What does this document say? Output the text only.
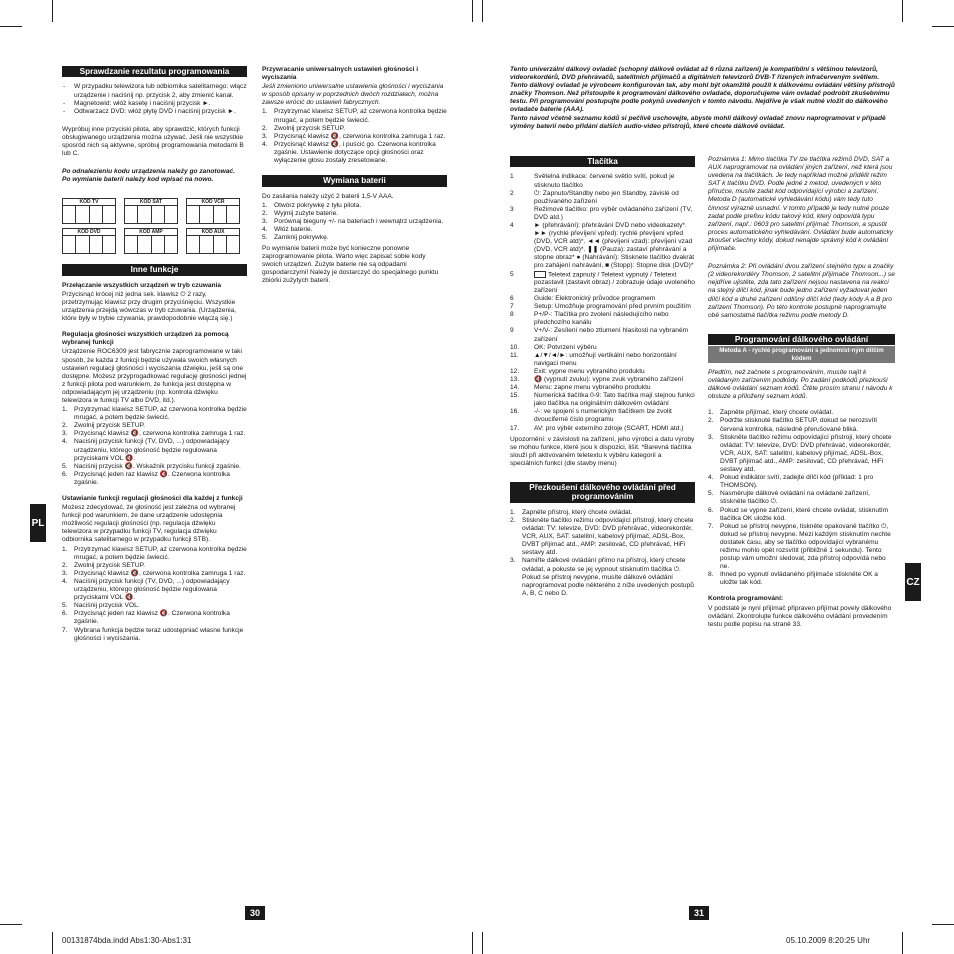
PL
CZ
Sprawdzanie rezultatu programowania
- W przypadku telewizora lub odbiornika satelitarnego: włącz urządzenie i naciśnij np. przycisk 2, aby zmienić kanał.
- Magnetowid: włóż kasetę i naciśnij przycisk ►.
- Odtwarzacz DVD: włóż płytę DVD i naciśnij przycisk ►.

Wypróbuj inne przyciski pilota, aby sprawdzić, których funkcji obsługiwanego urządzenia można używać. Jeśli nie wszystkie sposród nich są aktywne, spróbuj programowania metodami B lub C.

Po odnalezieniu kodu urządzenia należy go zanotować.

Po wymianie baterii należy kod wpisać na nowo.

KOD TV	KOD SAT	KOD VCR
KOD DVD	KOD AMP	KOD AUX
Inne funkcje

Przełączanie wszystkich urządzeń w tryb czuwania

Przycisnąć krócej niż jedna sek. klawisz ⏻ 2 razy, przetrzymując klawisz przy drugim przyciśnięciu. Wszystkie urządzenia przejdą wówczas w tryb czuwania. (Urządzenia, które były w trybie czywania, prawdopodobnie włączą się.)

Regulacja głośności wszystkich urządzeń za pomocą wybranej funkcji

Urządzenie ROC6309 jest fabrycznie zaprogramowane w taki sposób, że każda z funkcji będzie używała swoich własnych ustawień regulacji głośności i wyciszania dźwięku, jeśli są one dostępne. Możesz przyprogadkować regulację głośności jednej z funkcji pilota pod warunkiem, że funkcja jest dostępna w odpowiadającym jej urządzeniu (np. kontrola dźwięku telewizora w funkcji TV albo DVD, itd.).

1. Przytrzymać klawisz SETUP, aż czerwona kontrolka będzie mrugać, a potem będzie świecić.
2. Zwolnij przycisk SETUP.
3. Przycisnąć klawisz 🔇, czerwona kontrolka zamruga 1 raz.
4. Naciśnij przycisk funkcji (TV, DVD, ...) odpowiadający urządzeniu, którego głośność będzie regulowana przyciskami VOL 🔇.
5. Naciśnij przycisk 🔇. Wskaźnik przycisku funkcji zgaśnie.
6. Przycisnąć jeden raz klawisz 🔇. Czerwona kontrolka zgaśnie.

Ustawianie funkcji regulacji głośności dla każdej z funkcji

Możesz zdecydować, że głośność jest zależna od wybranej funkcji pod warunkiem, że dane urządzenie udostępnia możliwość regulacji głośności (np. regulacja dźwięku telewizora w przypadku funkcji TV, regulacja dźwięku odbiornika satelitarnego w przypadku funkcji STB).

1. Przytrzymać klawisz SETUP, aż czerwona kontrolka będzie mrugać, a potem będzie świecić.
2. Zwolnij przycisk SETUP.
3. Przycisnąć klawisz 🔇, czerwona kontrolka zamruga 1 raz.
4. Naciśnij przycisk funkcji (TV, DVD, ...) odpowiadający urządzeniu, którego głośność będzie regulowana przyciskami VOL 🔇.
5. Naciśnij przycisk VOL.
6. Przycisnąć jeden raz klawisz 🔇. Czerwona kontrolka zgaśnie.
7. Wybrana funkcja będzie teraz udostępniać własne funkcje głośności i wyciszania.

Przywracanie uniwersalnych ustawień głośności i wyciszania

Jeśli zmieniono uniwersalne ustawienia głośności i wyciszania w sposób opisany w poprzednich dwóch rozdziałach, można zawsze wrócić do ustawień fabrycznych.

1. Przytrzymać klawisz SETUP, aż czerwona kontrolka będzie mrugać, a potem będzie świecić.
2. Zwolnij przycisk SETUP.
3. Przycisnąć klawisz 🔇, czerwona kontrolka zamruga 1 raz.
4. Przycisnąć klawisz 🔇, i puścić go. Czerwona kontrolka zgaśnie. Ustawienie dotyczące opcji głośności oraz wyłączenie głosu zostały zresetowane.
Wymiana baterii

Do zasilania należy użyć 2 baterii 1,5-V AAA.

1. Otwórz pokrywkę z tyłu pilota.
2. Wyjmij zużyte baterie.
3. Porównaj bieguny +/- na bateriach i wewnątrz urządzenia.
4. Włóż baterie.
5. Zamknij pokrywkę.

Po wymianie baterii może być konieczne ponowne zaprogramowanie pilota. Warto więc zapisać sobie kody swoich urządzeń. Zużyte baterie nie są odpadami gospodarczymi! Należy je dostarczyć do specjalnego punktu zbiórki zużytych baterii.

Tento univerzální dálkový ovladač (schopný dálkově ovládat až 6 různá zařízení) je kompatibilní s většinou televizorů, videorekordérů, DVD přehrávačů, satelitních přijímačů a digitálních televizorů DVB-T řízených infračerveným světlem.

Tento dálkový ovladač je výrobcem konfigurován tak, aby mohl být okamžitě použit k dálkovému ovládání většiny přístrojů značky Thomson. Než přistoupíte k programování dálkového ovladače, doporučujeme vám ovladač podrobit zkušebnímu testu. Při programování postupujte podle pokynů uvedených v tomto návodu. Nejdříve je však nutné vložit do dálkového ovladače baterie (AAA).

Tento návod včetně seznamu kódů si pečlivě uschovejte, abyste mohli dálkový ovladač znovu naprogramovat v případě výměny baterií nebo přidání dalších audio-video přístrojů, které chcete dálkově ovládat.

Tlačítka
1	Světelná indikace: červené světlo svítí, pokud je stisknuto tlačítko
2	⏻: Zapnuto/Standby nebo jen Standby, závislé od používaného zařízení
3	Režimové tlačítko: pro výběr ovládaného zařízení (TV, DVD atd.)
4	► (přehrávání): přehrávání DVD nebo videokazety*. ►► (rychlé převíjení vpřed): rychlé převíjení vpřed (DVD, VCR atd)*. ◄◄ (převíjení vzad): převíjení vzad (DVD, VCR atd)*. ❚❚ (Pauza): zastaví přehrávání a stopne obraz* ● (Nahrávání): Stisknete tlačítko dvakrát pro zahájení nahrávání, ■ (Stopp): Stopne disk (DVD)*
5	Teletext zapnutý / Teletext vypnutý / Teletext pozastavit (zastavit obraz) / zobrazuje údaje uvoleného zařízení
6	Guide: Elektronický průvodce programem
7	Setup: Umožňuje programování před prvním použitím
8	P+/P-: Tlačítka pro zvolení následujícího nebo předchozího kanálu
9	V+/V-: Zesílení nebo ztlumení hlasitosti na vybraném zařízení
10. OK: Potvrzení výběru
11. ▲/▼/◄/►: umožňují vertikální nebo horizontální navigaci menu
12. Exit: vypne menu vybraného produktu
13. 🔇 (vypnutí zvuku): vypne zvuk vybraného zařízení
14. Menu: zapne menu vybraného produktu
15. Numerická tlačítka 0-9: Tato tlačítka mají stejnou funkci jako tlačítka na originálním dálkovém ovládání
16. -/-: ve spojení s numerickým tlačítkem lze zvolit dvouciferné číslo programu
17. AV: pro výběr externího zdroje (SCART, HDMI atd.)

Upozornění: v závislosti na zařízení, jeho výrobci a datu výroby se mohou funkce, které jsou k dispozici, lišit. *Barevná tlačítka slouží při aktivovaném teletextu k výběru kategorií a speciálních funkcí (dle stavby menu)

Přezkoušení dálkového ovládání před programováním
1. Zapněte přístroj, který chcete ovládat.
2. Stiskněte tlačítko režimu odpovídající přístroji, který chcete ovládat: TV: televize, DVD: DVD přehrávač, videorekordér, VCR, AUX, SAT: satelitní, kabelový přijímač, ADSL-Box, DVBT přijímač atd., AMP: zesilovač, CD přehrávač, HiFi sestavy atd.
3. Namiřte dálkové ovládání přímo na přístroj, který chcete ovládat, a pokuste se jej vypnout stisknutím tlačítka ⏻. Pokud se přístroj nevypne, musíte dálkové ovládání naprogramovat podle některého z níže uvedených postupů A, B, C nebo D.

Poznámka 1: Mimo tlačítka TV lze tlačítka režimů DVD, SAT a AUX naprogramovat na ovládání jiných zařízení, než která jsou uvedena na tlačítkách. Je tedy například možné přidělit režim SAT k tlačítku DVD. Podle jedné z metod, uvedených v této příručce, musíte zadat kód odpovídající výrobci a zařízení. Metoda D (automatické vyhledávání kódu) vám tedy tuto činnost výrazně usnadní. V tomto případě je tedy nutné pouze zadat podle prefixu kódu takový kód, který odpovídá typu zařízení, např.: 0603 pro satelitní přijímač Thomson, a spustit proces automatického vyhledávání. Ovládání bude automaticky zkoušet všechny kódy, dokud nenajde správný kód k ovládání přijímače.

Poznámka 2: Při ovládání dvou zařízení stejného typu a značky (2 videorekordéry Thomson, 2 satelitní přijímače Thomson...) se nejdříve ujistěte, zda tato zařízení nejsou nastavena na reakci na stejný dílčí kód, jinak bude jedno zařízení vyžadovat jeden dílčí kód a druhé zařízení odlišný dílčí kód (tedy kódy A a B pro zařízení Thomson). Po této kontrole postupně naprogramujte obě samostatná tlačítka režimu podle metody D.

Programování dálkového ovládání
Metoda A - rychlé programování s jednomíst-ným dílčím kódem

Předtím, než začnete s programováním, musíte najít k ovládaným zařízením podkódy. Po zadání podkódů přezkouší dálkové ovládání seznam kódů. Čtěte prosím stranu I návodu k obsluze a přiložený seznam kódů.

1. Zapněte přijímač, který chcete ovládat.
2. Podržte stisknuté tlačítko SETUP, dokud se nerozsvítí červená kontrolka, následně přerušované bliká.
3. Stiskněte tlačítko režimu odpovídající přístroji, který chcete ovládat: TV: televize, DVD: DVD přehrávač, videorekordér, VCR, AUX, SAT: satelitní, kabelový přijímač, ADSL-Box, DVBT přijímač atd., AMP: zesilovač, CD přehrávač, HiFi sestavy atd.
4. Pokud indikátor svítí, zadejte dílčí kód (příklad: 1 pro THOMSON).
5. Nasměrujte dálkové ovládání na ovládané zařízení, stiskněte tlačítko ⏻.
6. Pokud se vypne zařízení, které chcete ovládat, stisknutím tlačítka OK uložte kód.
7. Pokud se přístroj nevypne, tiskněte opakovaně tlačítko ⏻, dokud se přístroj nevypne. Mezi každým stisknutím nechte dostatek času, aby se tlačítko odpovídající vybranému režimu mohlo opět rozsvítit (přibližně 1 sekundu). Tento postup vám umožní sledovat, zda přístroj odpovídá nebo ne.
8. Ihned po vypnutí ovládaného přijímače stiskněte OK a uložte tak kód.

Kontrola programování:

V podstatě je nyní přijímač připraven přijímat povely dálkového ovládání. Zkontrolujte funkce dálkového ovládání provedením testu podle popisu na straně 33.

30	31
00131874bda.indd Abs1:30-Abs1:31	05.10.2009 8:20:25 Uhr
